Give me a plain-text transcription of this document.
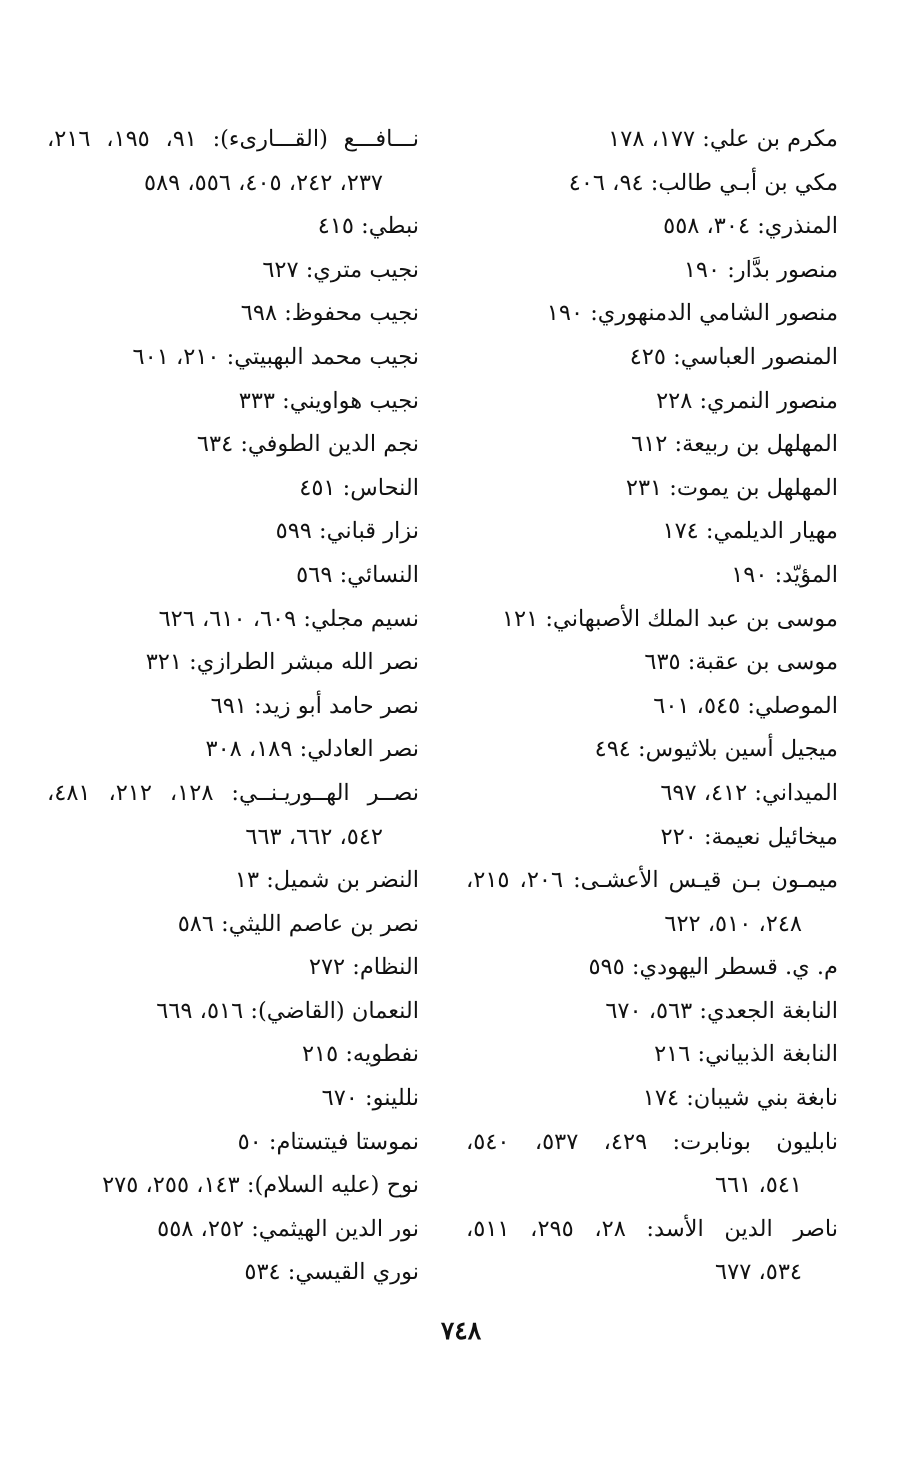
مكرم بن علي: ١٧٧، ١٧٨
مكي بن أبـي طالب: ٩٤، ٤٠٦
المنذري: ٣٠٤، ٥٥٨
منصور بدَّار: ١٩٠
منصور الشامي الدمنهوري: ١٩٠
المنصور العباسي: ٤٢٥
منصور النمري: ٢٢٨
المهلهل بن ربيعة: ٦١٢
المهلهل بن يموت: ٢٣١
مهيار الديلمي: ١٧٤
المؤيّد: ١٩٠
موسى بن عبد الملك الأصبهاني: ١٢١
موسى بن عقبة: ٦٣٥
الموصلي: ٥٤٥، ٦٠١
ميجيل أسين بلاثيوس: ٤٩٤
الميداني: ٤١٢، ٦٩٧
ميخائيل نعيمة: ٢٢٠
ميمـون بـن قيـس الأعشـى: ٢٠٦، ٢١٥،
٢٤٨، ٥١٠، ٦٢٢
م. ي. قسطر اليهودي: ٥٩٥
النابغة الجعدي: ٥٦٣، ٦٧٠
النابغة الذبياني: ٢١٦
نابغة بني شيبان: ١٧٤
نابليون بونابرت: ٤٢٩، ٥٣٧، ٥٤٠،
٥٤١، ٦٦١
ناصر الدين الأسد: ٢٨، ٢٩٥، ٥١١،
٥٣٤، ٦٧٧
نـــافـــع (القـــارىء): ٩١، ١٩٥، ٢١٦،
٢٣٧، ٢٤٢، ٤٠٥، ٥٥٦، ٥٨٩
نبطي: ٤١٥
نجيب متري: ٦٢٧
نجيب محفوظ: ٦٩٨
نجيب محمد البهبيتي: ٢١٠، ٦٠١
نجيب هواويني: ٣٣٣
نجم الدين الطوفي: ٦٣٤
النحاس: ٤٥١
نزار قباني: ٥٩٩
النسائي: ٥٦٩
نسيم مجلي: ٦٠٩، ٦١٠، ٦٢٦
نصر الله مبشر الطرازي: ٣٢١
نصر حامد أبو زيد: ٦٩١
نصر العادلي: ١٨٩، ٣٠٨
نصــر الهــوريـنــي: ١٢٨، ٢١٢، ٤٨١،
٥٤٢، ٦٦٢، ٦٦٣
النضر بن شميل: ١٣
نصر بن عاصم الليثي: ٥٨٦
النظام: ٢٧٢
النعمان (القاضي): ٥١٦، ٦٦٩
نفطويه: ٢١٥
نللينو: ٦٧٠
نموستا فيتستام: ٥٠
نوح (عليه السلام): ١٤٣، ٢٥٥، ٢٧٥
نور الدين الهيثمي: ٢٥٢، ٥٥٨
نوري القيسي: ٥٣٤
٧٤٨
